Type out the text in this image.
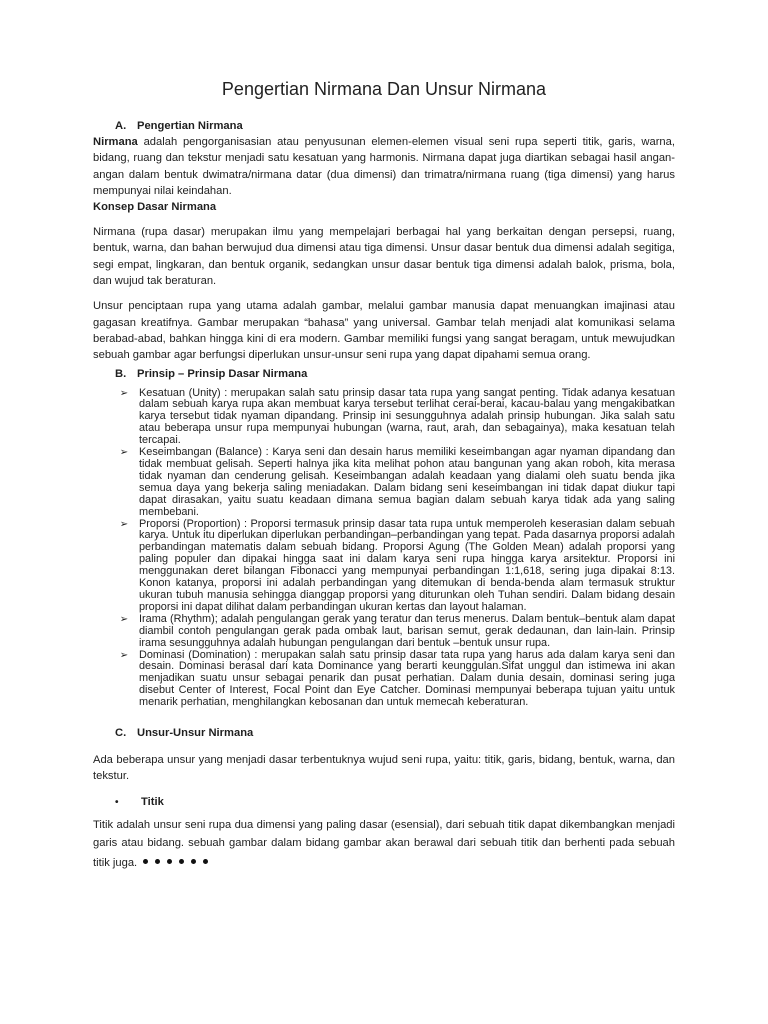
Pengertian Nirmana Dan Unsur Nirmana
A. Pengertian Nirmana

Nirmana adalah pengorganisasian atau penyusunan elemen-elemen visual seni rupa seperti titik, garis, warna, bidang, ruang dan tekstur menjadi satu kesatuan yang harmonis. Nirmana dapat juga diartikan sebagai hasil anganangan dalam bentuk dwimatra/nirmana datar (dua dimensi) dan trimatra/nirmana ruang (tiga dimensi) yang harus mempunyai nilai keindahan.

Konsep Dasar Nirmana

Nirmana (rupa dasar) merupakan ilmu yang mempelajari berbagai hal yang berkaitan dengan persepsi, ruang, bentuk, warna, dan bahan berwujud dua dimensi atau tiga dimensi. Unsur dasar bentuk dua dimensi adalah segitiga, segi empat, lingkaran, dan bentuk organik, sedangkan unsur dasar bentuk tiga dimensi adalah balok, prisma, bola, dan wujud tak beraturan.

Unsur penciptaan rupa yang utama adalah gambar, melalui gambar manusia dapat menuangkan imajinasi atau gagasan kreatifnya. Gambar merupakan “bahasa” yang universal. Gambar telah menjadi alat komunikasi selama berabad-abad, bahkan hingga kini di era modern. Gambar memiliki fungsi yang sangat beragam, untuk mewujudkan sebuah gambar agar berfungsi diperlukan unsur-unsur seni rupa yang dapat dipahami semua orang.

B. Prinsip – Prinsip Dasar Nirmana
➢ Kesatuan (Unity) : merupakan salah satu prinsip dasar tata rupa yang sangat penting. Tidak adanya kesatuan dalam sebuah karya rupa akan membuat karya tersebut terlihat cerai-berai, kacau-balau yang mengakibatkan karya tersebut tidak nyaman dipandang. Prinsip ini sesungguhnya adalah prinsip hubungan. Jika salah satu atau beberapa unsur rupa mempunyai hubungan (warna, raut, arah, dan sebagainya), maka kesatuan telah tercapai.
➢ Keseimbangan (Balance) : Karya seni dan desain harus memiliki keseimbangan agar nyaman dipandang dan tidak membuat gelisah. Seperti halnya jika kita melihat pohon atau bangunan yang akan roboh, kita merasa tidak nyaman dan cenderung gelisah. Keseimbangan adalah keadaan yang dialami oleh suatu benda jika semua daya yang bekerja saling meniadakan. Dalam bidang seni keseimbangan ini tidak dapat diukur tapi dapat dirasakan, yaitu suatu keadaan dimana semua bagian dalam sebuah karya tidak ada yang saling membebani.
➢ Proporsi (Proportion) : Proporsi termasuk prinsip dasar tata rupa untuk memperoleh keserasian dalam sebuah karya. Untuk itu diperlukan diperlukan perbandingan–perbandingan yang tepat. Pada dasarnya proporsi adalah perbandingan matematis dalam sebuah bidang. Proporsi Agung (The Golden Mean) adalah proporsi yang paling populer dan dipakai hingga saat ini dalam karya seni rupa hingga karya arsitektur. Proporsi ini menggunakan deret bilangan Fibonacci yang mempunyai perbandingan 1:1,618, sering juga dipakai 8:13. Konon katanya, proporsi ini adalah perbandingan yang ditemukan di benda-benda alam termasuk struktur ukuran tubuh manusia sehingga dianggap proporsi yang diturunkan oleh Tuhan sendiri. Dalam bidang desain proporsi ini dapat dilihat dalam perbandingan ukuran kertas dan layout halaman.
➢ Irama (Rhythm); adalah pengulangan gerak yang teratur dan terus menerus. Dalam bentuk–bentuk alam dapat diambil contoh pengulangan gerak pada ombak laut, barisan semut, gerak dedaunan, dan lain-lain. Prinsip irama sesungguhnya adalah hubungan pengulangan dari bentuk –bentuk unsur rupa.
➢ Dominasi (Domination) : merupakan salah satu prinsip dasar tata rupa yang harus ada dalam karya seni dan desain. Dominasi berasal dari kata Dominance yang berarti keunggulan.Sifat unggul dan istimewa ini akan menjadikan suatu unsur sebagai penarik dan pusat perhatian. Dalam dunia desain, dominasi sering juga disebut Center of Interest, Focal Point dan Eye Catcher. Dominasi mempunyai beberapa tujuan yaitu untuk menarik perhatian, menghilangkan kebosanan dan untuk memecah keberaturan.
C. Unsur-Unsur Nirmana

Ada beberapa unsur yang menjadi dasar terbentuknya wujud seni rupa, yaitu: titik, garis, bidang, bentuk, warna, dan tekstur.

• Titik

Titik adalah unsur seni rupa dua dimensi yang paling dasar (esensial), dari sebuah titik dapat dikembangkan menjadi garis atau bidang. sebuah gambar dalam bidang gambar akan berawal dari sebuah titik dan berhenti pada sebuah titik juga.
